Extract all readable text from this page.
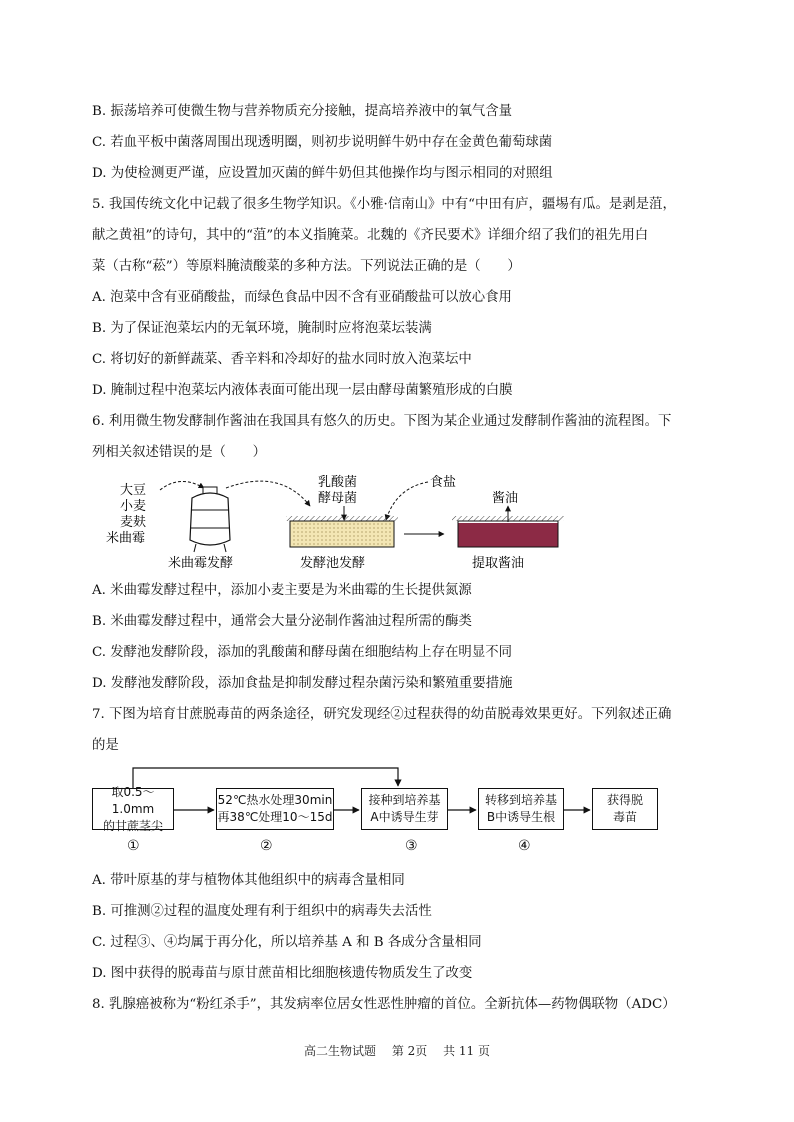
B. 振荡培养可使微生物与营养物质充分接触，提高培养液中的氧气含量
C. 若血平板中菌落周围出现透明圈，则初步说明鲜牛奶中存在金黄色葡萄球菌
D. 为使检测更严谨，应设置加灭菌的鲜牛奶但其他操作均与图示相同的对照组
5. 我国传统文化中记载了很多生物学知识。《小雅·信南山》中有“中田有庐，疆埸有瓜。是剥是菹，
献之黄祖”的诗句，其中的“菹”的本义指腌菜。北魏的《齐民要术》详细介绍了我们的祖先用白
菜（古称“菘”）等原料腌渍酸菜的多种方法。下列说法正确的是（　　）
A. 泡菜中含有亚硝酸盐，而绿色食品中因不含有亚硝酸盐可以放心食用
B. 为了保证泡菜坛内的无氧环境，腌制时应将泡菜坛装满
C. 将切好的新鲜蔬菜、香辛料和冷却好的盐水同时放入泡菜坛中
D. 腌制过程中泡菜坛内液体表面可能出现一层由酵母菌繁殖形成的白膜
6. 利用微生物发酵制作酱油在我国具有悠久的历史。下图为某企业通过发酵制作酱油的流程图。下
列相关叙述错误的是（　　）
大豆
小麦
麦麸
米曲霉
米曲霉发酵
乳酸菌
酵母菌
食盐
发酵池发酵
酱油
提取酱油
A. 米曲霉发酵过程中，添加小麦主要是为米曲霉的生长提供氮源
B. 米曲霉发酵过程中，通常会大量分泌制作酱油过程所需的酶类
C. 发酵池发酵阶段，添加的乳酸菌和酵母菌在细胞结构上存在明显不同
D. 发酵池发酵阶段，添加食盐是抑制发酵过程杂菌污染和繁殖重要措施
7. 下图为培育甘蔗脱毒苗的两条途径，研究发现经②过程获得的幼苗脱毒效果更好。下列叙述正确
的是
取0.5～1.0mm
的甘蔗茎尖
52℃热水处理30min
再38℃处理10～15d
接种到培养基
A中诱导生芽
转移到培养基
B中诱导生根
获得脱
毒苗
①	②	③	④
A. 带叶原基的芽与植物体其他组织中的病毒含量相同
B. 可推测②过程的温度处理有利于组织中的病毒失去活性
C. 过程③、④均属于再分化，所以培养基 A 和 B 各成分含量相同
D. 图中获得的脱毒苗与原甘蔗苗相比细胞核遗传物质发生了改变
8. 乳腺癌被称为“粉红杀手”，其发病率位居女性恶性肿瘤的首位。全新抗体—药物偶联物（ADC）
高二生物试题 第 2页 共 11 页
